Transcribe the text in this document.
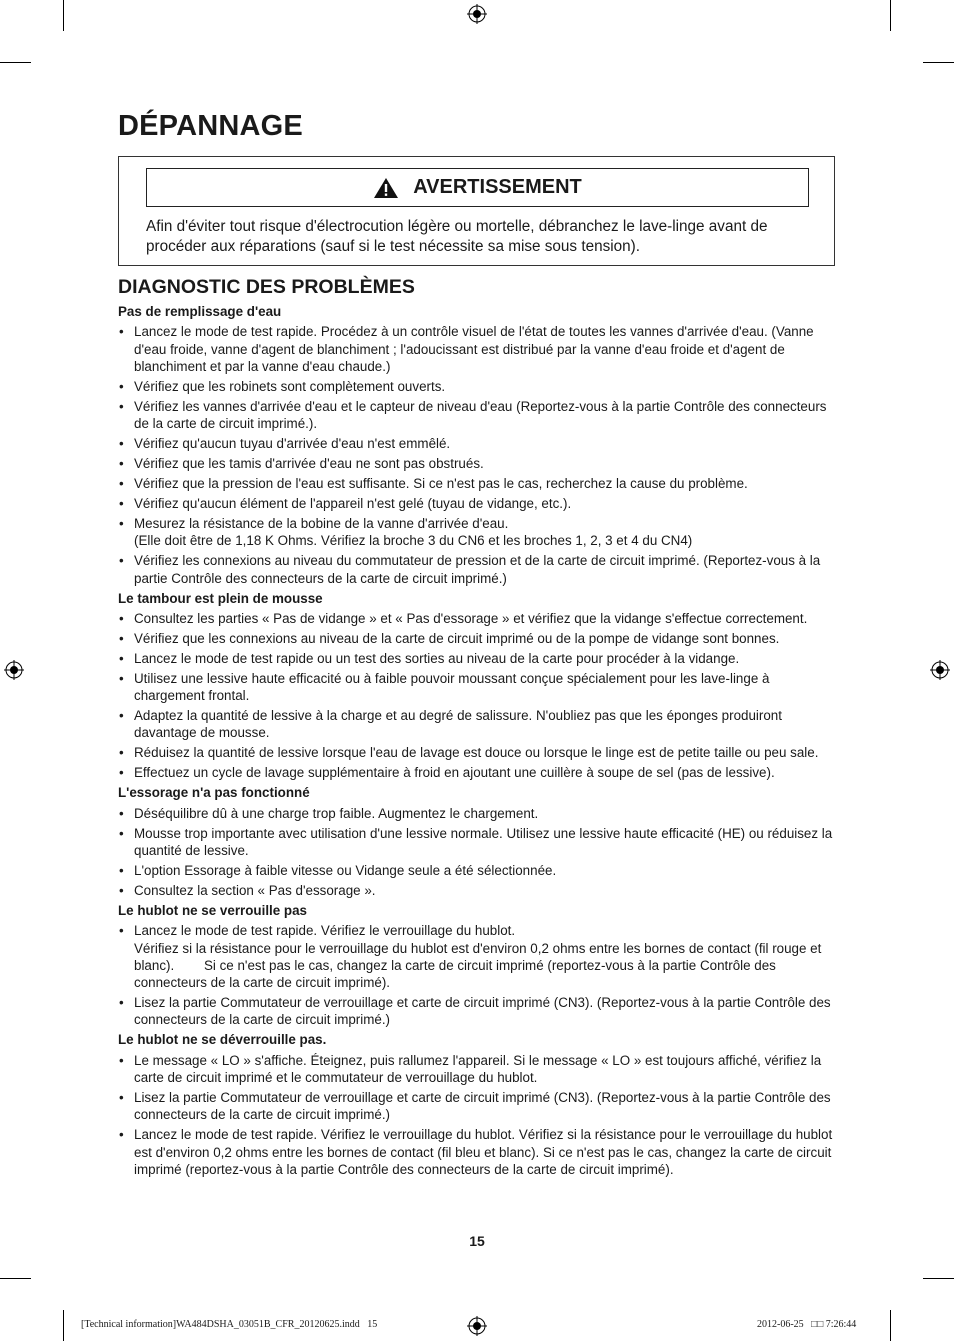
DÉPANNAGE
AVERTISSEMENT

Afin d'éviter tout risque d'électrocution légère ou mortelle, débranchez le lave-linge avant de procéder aux réparations (sauf si le test nécessite sa mise sous tension).

DIAGNOSTIC DES PROBLÈMES
Pas de remplissage d'eau
• Lancez le mode de test rapide. Procédez à un contrôle visuel de l'état de toutes les vannes d'arrivée d'eau. (Vanne d'eau froide, vanne d'agent de blanchiment ; l'adoucissant est distribué par la vanne d'eau froide et d'agent de blanchiment et par la vanne d'eau chaude.)
• Vérifiez que les robinets sont complètement ouverts.
• Vérifiez les vannes d'arrivée d'eau et le capteur de niveau d'eau (Reportez-vous à la partie Contrôle des connecteurs de la carte de circuit imprimé.).
• Vérifiez qu'aucun tuyau d'arrivée d'eau n'est emmêlé.
• Vérifiez que les tamis d'arrivée d'eau ne sont pas obstrués.
• Vérifiez que la pression de l'eau est suffisante. Si ce n'est pas le cas, recherchez la cause du problème.
• Vérifiez qu'aucun élément de l'appareil n'est gelé (tuyau de vidange, etc.).
• Mesurez la résistance de la bobine de la vanne d'arrivée d'eau.
(Elle doit être de 1,18 K Ohms. Vérifiez la broche 3 du CN6 et les broches 1, 2, 3 et 4 du CN4)
• Vérifiez les connexions au niveau du commutateur de pression et de la carte de circuit imprimé. (Reportez-vous à la partie Contrôle des connecteurs de la carte de circuit imprimé.)
Le tambour est plein de mousse
• Consultez les parties « Pas de vidange » et « Pas d'essorage » et vérifiez que la vidange s'effectue correctement.
• Vérifiez que les connexions au niveau de la carte de circuit imprimé ou de la pompe de vidange sont bonnes.
• Lancez le mode de test rapide ou un test des sorties au niveau de la carte pour procéder à la vidange.
• Utilisez une lessive haute efficacité ou à faible pouvoir moussant conçue spécialement pour les lave-linge à chargement frontal.
• Adaptez la quantité de lessive à la charge et au degré de salissure. N'oubliez pas que les éponges produiront davantage de mousse.
• Réduisez la quantité de lessive lorsque l'eau de lavage est douce ou lorsque le linge est de petite taille ou peu sale.
• Effectuez un cycle de lavage supplémentaire à froid en ajoutant une cuillère à soupe de sel (pas de lessive).
L'essorage n'a pas fonctionné
• Déséquilibre dû à une charge trop faible. Augmentez le chargement.
• Mousse trop importante avec utilisation d'une lessive normale. Utilisez une lessive haute efficacité (HE) ou réduisez la quantité de lessive.
• L'option Essorage à faible vitesse ou Vidange seule a été sélectionnée.
• Consultez la section « Pas d'essorage ».
Le hublot ne se verrouille pas
• Lancez le mode de test rapide. Vérifiez le verrouillage du hublot.
Vérifiez si la résistance pour le verrouillage du hublot est d'environ 0,2 ohms entre les bornes de contact (fil rouge et blanc).        Si ce n'est pas le cas, changez la carte de circuit imprimé (reportez-vous à la partie Contrôle des connecteurs de la carte de circuit imprimé).
• Lisez la partie Commutateur de verrouillage et carte de circuit imprimé (CN3). (Reportez-vous à la partie Contrôle des connecteurs de la carte de circuit imprimé.)
Le hublot ne se déverrouille pas.
• Le message « LO » s'affiche. Éteignez, puis rallumez l'appareil. Si le message « LO » est toujours affiché, vérifiez la carte de circuit imprimé et le commutateur de verrouillage du hublot.
• Lisez la partie Commutateur de verrouillage et carte de circuit imprimé (CN3). (Reportez-vous à la partie Contrôle des connecteurs de la carte de circuit imprimé.)
• Lancez le mode de test rapide. Vérifiez le verrouillage du hublot. Vérifiez si la résistance pour le verrouillage du hublot est d'environ 0,2 ohms entre les bornes de contact (fil bleu et blanc). Si ce n'est pas le cas, changez la carte de circuit imprimé (reportez-vous à la partie Contrôle des connecteurs de la carte de circuit imprimé).
15
[Technical information]WA484DSHA_03051B_CFR_20120625.indd   15	2012-06-25   □□ 7:26:44
